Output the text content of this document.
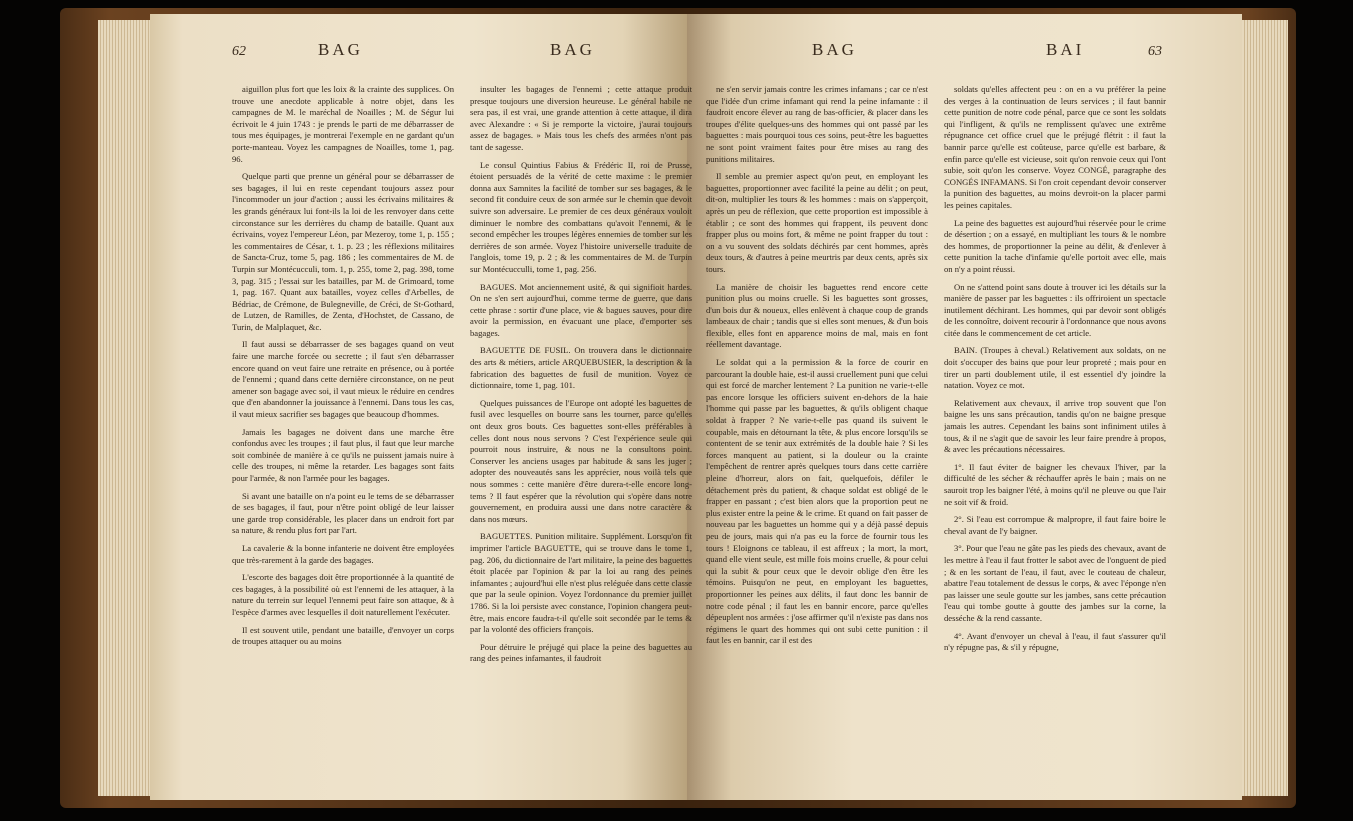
62	BAG	BAG	BAG	BAI	63

aiguillon plus fort que les loix & la crainte des supplices. On trouve une anecdote applicable à notre objet, dans les campagnes de M. le maréchal de Noailles ; M. de Ségur lui écrivoit le 4 juin 1743 : je prends le parti de me débarrasser de tous mes équipages, je montrerai l'exemple en ne gardant qu'un porte-manteau. Voyez les campagnes de Noailles, tome 1, pag. 96.

Quelque parti que prenne un général pour se débarrasser de ses bagages, il lui en reste cependant toujours assez pour l'incommoder un jour d'action ; aussi les écrivains militaires & les grands généraux lui font-ils la loi de les renvoyer dans cette circonstance sur les derrières du champ de bataille. Quant aux écrivains, voyez l'empereur Léon, par Mezeroy, tome 1, p. 155 ; les commentaires de César, t. 1. p. 23 ; les réflexions militaires de Sancta-Cruz, tome 5, pag. 186 ; les commentaires de M. de Turpin sur Montécucculi, tom. 1, p. 255, tome 2, pag. 398, tome 3, pag. 315 ; l'essai sur les batailles, par M. de Grimoard, tome 1, pag. 167. Quant aux batailles, voyez celles d'Arbelles, de Bédriac, de Crémone, de Bulegneville, de Créci, de St-Gothard, de Lutzen, de Ramilles, de Zenta, d'Hochstet, de Cassano, de Turin, de Malplaquet, &c.

Il faut aussi se débarrasser de ses bagages quand on veut faire une marche forcée ou secrette ; il faut s'en débarrasser encore quand on veut faire une retraite en présence, ou à portée de l'ennemi ; quand dans cette dernière circonstance, on ne peut amener son bagage avec soi, il vaut mieux le réduire en cendres que d'en abandonner la jouissance à l'ennemi. Dans tous les cas, il vaut mieux sacrifier ses bagages que beaucoup d'hommes.

Jamais les bagages ne doivent dans une marche être confondus avec les troupes ; il faut plus, il faut que leur marche soit combinée de manière à ce qu'ils ne puissent jamais nuire à celle des troupes, ni même la retarder. Les bagages sont faits pour l'armée, & non l'armée pour les bagages.

Si avant une bataille on n'a point eu le tems de se débarrasser de ses bagages, il faut, pour n'être point obligé de leur laisser une garde trop considérable, les placer dans un endroit fort par sa nature, & rendu plus fort par l'art.

La cavalerie & la bonne infanterie ne doivent être employées que très-rarement à la garde des bagages.

L'escorte des bagages doit être proportionnée à la quantité de ces bagages, à la possibilité où est l'ennemi de les attaquer, à la nature du terrein sur lequel l'ennemi peut faire son attaque, & à l'espèce d'armes avec lesquelles il doit naturellement l'exécuter.

Il est souvent utile, pendant une bataille, d'envoyer un corps de troupes attaquer ou au moins

insulter les bagages de l'ennemi ; cette attaque produit presque toujours une diversion heureuse. Le général habile ne sera pas, il est vrai, une grande attention à cette attaque, il dira avec Alexandre : « Si je remporte la victoire, j'aurai toujours assez de bagages. » Mais tous les chefs des armées n'ont pas tant de sagesse.

Le consul Quintius Fabius & Frédéric II, roi de Prusse, étoient persuadés de la vérité de cette maxime : le premier donna aux Samnites la facilité de tomber sur ses bagages, & le second fit conduire ceux de son armée sur le chemin que devoit suivre son adversaire. Le premier de ces deux généraux vouloit diminuer le nombre des combattans qu'avoit l'ennemi, & le second empêcher les troupes légères ennemies de tomber sur les derrières de son armée. Voyez l'histoire universelle traduite de l'anglois, tome 19, p. 2 ; & les commentaires de M. de Turpin sur Montécucculli, tome 1, pag. 256.

BAGUES. Mot anciennement usité, & qui signifioit hardes. On ne s'en sert aujourd'hui, comme terme de guerre, que dans cette phrase : sortir d'une place, vie & bagues sauves, pour dire avoir la permission, en évacuant une place, d'emporter ses bagages.

BAGUETTE DE FUSIL. On trouvera dans le dictionnaire des arts & métiers, article ARQUEBUSIER, la description & la fabrication des baguettes de fusil de munition. Voyez ce dictionnaire, tome 1, pag. 101.

Quelques puissances de l'Europe ont adopté les baguettes de fusil avec lesquelles on bourre sans les tourner, parce qu'elles ont deux gros bouts. Ces baguettes sont-elles préférables à celles dont nous nous servons ? C'est l'expérience seule qui pourroit nous instruire, & nous ne la consultons point. Conserver les anciens usages par habitude & sans les juger ; adopter des nouveautés sans les apprécier, nous voilà tels que nous sommes : cette manière d'être durera-t-elle encore long-tems ? Il faut espérer que la révolution qui s'opère dans notre gouvernement, en produira aussi une dans notre caractère & dans nos mœurs.

BAGUETTES. Punition militaire. Supplément. Lorsqu'on fit imprimer l'article BAGUETTE, qui se trouve dans le tome 1, pag. 206, du dictionnaire de l'art militaire, la peine des baguettes étoit placée par l'opinion & par la loi au rang des peines infamantes ; aujourd'hui elle n'est plus reléguée dans cette classe que par la seule opinion. Voyez l'ordonnance du premier juillet 1786. Si la loi persiste avec constance, l'opinion changera peut-être, mais encore faudra-t-il qu'elle soit secondée par le tems & par la volonté des officiers françois.

Pour détruire le préjugé qui place la peine des baguettes au rang des peines infamantes, il faudroit

ne s'en servir jamais contre les crimes infamans ; car ce n'est que l'idée d'un crime infamant qui rend la peine infamante : il faudroit encore élever au rang de bas-officier, & placer dans les troupes d'élite quelques-uns des hommes qui ont passé par les baguettes : mais pourquoi tous ces soins, peut-être les baguettes ne sont point vraiment faites pour être mises au rang des punitions militaires.

Il semble au premier aspect qu'on peut, en employant les baguettes, proportionner avec facilité la peine au délit ; on peut, dit-on, multiplier les tours & les hommes : mais on s'apperçoit, après un peu de réflexion, que cette proportion est impossible à établir ; ce sont des hommes qui frappent, ils peuvent donc frapper plus ou moins fort, & même ne point frapper du tout : on a vu souvent des soldats déchirés par cent hommes, après deux tours, & d'autres à peine meurtris par deux cents, après six tours.

La manière de choisir les baguettes rend encore cette punition plus ou moins cruelle. Si les baguettes sont grosses, d'un bois dur & noueux, elles enlèvent à chaque coup de grands lambeaux de chair ; tandis que si elles sont menues, & d'un bois flexible, elles font en apparence moins de mal, mais en font réellement davantage.

Le soldat qui a la permission & la force de courir en parcourant la double haie, est-il aussi cruellement puni que celui qui est forcé de marcher lentement ? La punition ne varie-t-elle pas encore lorsque les officiers suivent en-dehors de la haie l'homme qui passe par les baguettes, & qu'ils obligent chaque soldat à frapper ? Ne varie-t-elle pas quand ils suivent le coupable, mais en détournant la tête, & plus encore lorsqu'ils se contentent de se tenir aux extrémités de la double haie ? Si les forces manquent au patient, si la douleur ou la crainte l'empêchent de rentrer après quelques tours dans cette carrière pleine d'horreur, alors on fait, quelquefois, défiler le détachement près du patient, & chaque soldat est obligé de le frapper en passant ; c'est bien alors que la proportion peut ne plus exister entre la peine & le crime. Et quand on fait passer de nouveau par les baguettes un homme qui y a déjà passé depuis peu de jours, mais qui n'a pas eu la force de fournir tous les tours ! Eloignons ce tableau, il est affreux ; la mort, la mort, quand elle vient seule, est mille fois moins cruelle, & pour celui qui la subit & pour ceux que le devoir oblige d'en être les témoins. Puisqu'on ne peut, en employant les baguettes, proportionner les peines aux délits, il faut donc les bannir de notre code pénal ; il faut les en bannir encore, parce qu'elles dépeuplent nos armées : j'ose affirmer qu'il n'existe pas dans nos régimens le quart des hommes qui ont subi cette punition : il faut les en bannir, car il est des

soldats qu'elles affectent peu : on en a vu préférer la peine des verges à la continuation de leurs services ; il faut bannir cette punition de notre code pénal, parce que ce sont les soldats qui l'infligent, & qu'ils ne remplissent qu'avec une extrême répugnance cet office cruel que le préjugé flétrit : il faut la bannir parce qu'elle est coûteuse, parce qu'elle est barbare, & enfin parce qu'elle est vicieuse, soit qu'on renvoie ceux qui l'ont subie, soit qu'on les conserve. Voyez CONGÉ, paragraphe des CONGÉS INFAMANS. Si l'on croit cependant devoir conserver la punition des baguettes, au moins devroit-on la placer parmi les peines capitales.

La peine des baguettes est aujourd'hui réservée pour le crime de désertion ; on a essayé, en multipliant les tours & le nombre des hommes, de proportionner la peine au délit, & d'enlever à cette punition la tache d'infamie qu'elle portoit avec elle, mais on n'y a point réussi.

On ne s'attend point sans doute à trouver ici les détails sur la manière de passer par les baguettes : ils offriroient un spectacle inutilement déchirant. Les hommes, qui par devoir sont obligés de les connoître, doivent recourir à l'ordonnance que nous avons citée dans le commencement de cet article.

BAIN. (Troupes à cheval.) Relativement aux soldats, on ne doit s'occuper des bains que pour leur propreté ; mais pour en tirer un parti doublement utile, il est essentiel d'y joindre la natation. Voyez ce mot.

Relativement aux chevaux, il arrive trop souvent que l'on baigne les uns sans précaution, tandis qu'on ne baigne presque jamais les autres. Cependant les bains sont infiniment utiles à tous, & il ne s'agit que de savoir les leur faire prendre à propos, & avec les précautions nécessaires.

1°. Il faut éviter de baigner les chevaux l'hiver, par la difficulté de les sécher & réchauffer après le bain ; mais on ne sauroit trop les baigner l'été, à moins qu'il ne pleuve ou que l'air ne soit vif & froid.

2°. Si l'eau est corrompue & malpropre, il faut faire boire le cheval avant de l'y baigner.

3°. Pour que l'eau ne gâte pas les pieds des chevaux, avant de les mettre à l'eau il faut frotter le sabot avec de l'onguent de pied ; & en les sortant de l'eau, il faut, avec le couteau de chaleur, abattre l'eau totalement de dessus le corps, & avec l'éponge n'en pas laisser une seule goutte sur les jambes, sans cette précaution l'eau qui tombe goutte à goutte des jambes sur la corne, la desséche & la rend cassante.

4°. Avant d'envoyer un cheval à l'eau, il faut s'assurer qu'il n'y répugne pas, & s'il y répugne,
